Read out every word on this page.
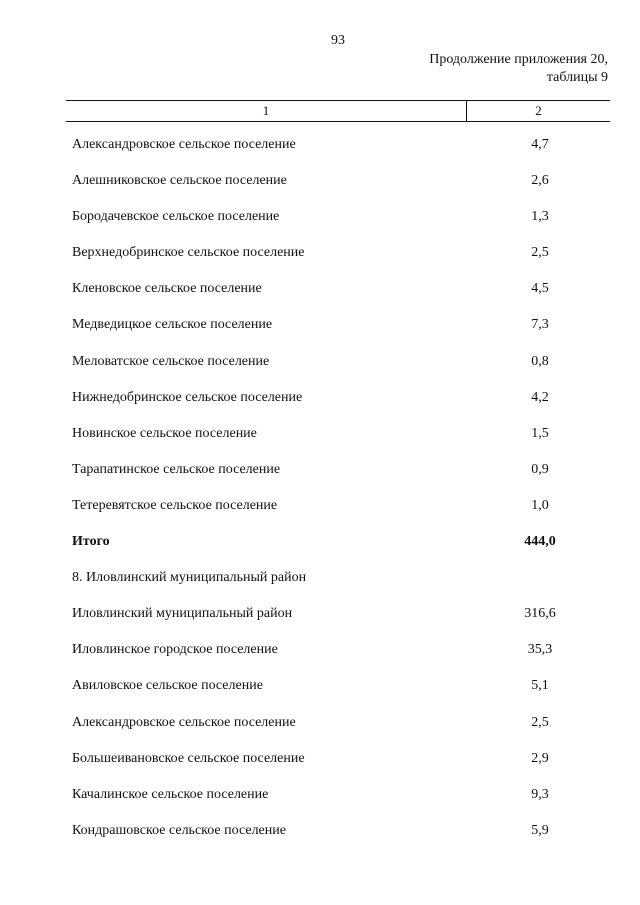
93
Продолжение приложения 20,
таблицы 9
1	2
Александровское сельское поселение	4,7
Алешниковское сельское поселение	2,6
Бородачевское сельское поселение	1,3
Верхнедобринское сельское поселение	2,5
Кленовское сельское поселение	4,5
Медведицкое сельское поселение	7,3
Меловатское сельское поселение	0,8
Нижнедобринское сельское поселение	4,2
Новинское сельское поселение	1,5
Тарапатинское сельское поселение	0,9
Тетеревятское сельское поселение	1,0
Итого	444,0
8. Иловлинский муниципальный район
Иловлинский муниципальный район	316,6
Иловлинское городское поселение	35,3
Авиловское сельское поселение	5,1
Александровское сельское поселение	2,5
Большеивановское сельское поселение	2,9
Качалинское сельское поселение	9,3
Кондрашовское сельское поселение	5,9
